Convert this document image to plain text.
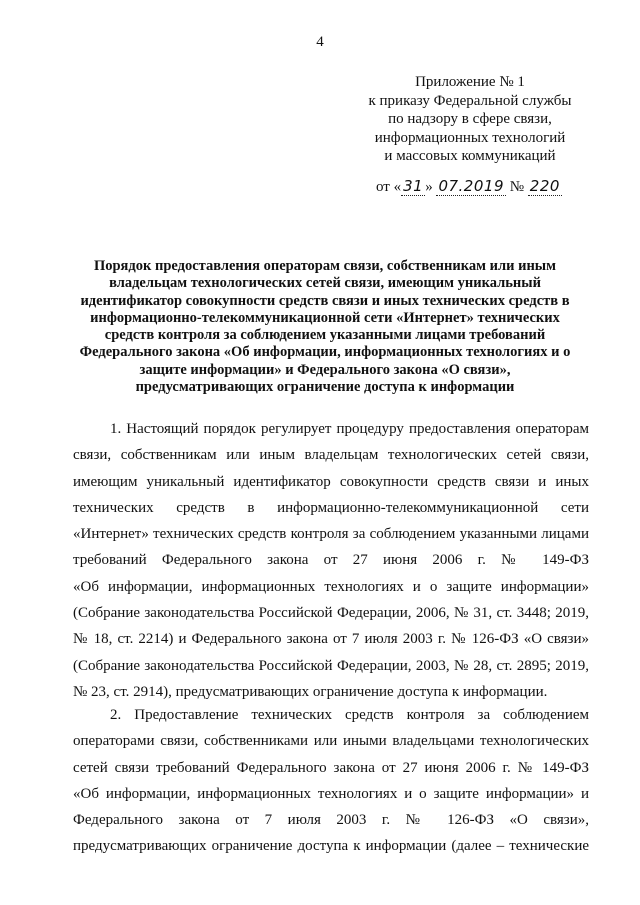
4
Приложение № 1
к приказу Федеральной службы
по надзору в сфере связи,
информационных технологий
и массовых коммуникаций
от « 31 » 07.2019 № 220
Порядок предоставления операторам связи, собственникам или иным
владельцам технологических сетей связи, имеющим уникальный
идентификатор совокупности средств связи и иных технических средств в
информационно-телекоммуникационной сети «Интернет» технических
средств контроля за соблюдением указанными лицами требований
Федерального закона «Об информации, информационных технологиях и о
защите информации» и Федерального закона «О связи»,
предусматривающих ограничение доступа к информации
1. Настоящий порядок регулирует процедуру предоставления операторам
связи, собственникам или иным владельцам технологических сетей связи,
имеющим уникальный идентификатор совокупности средств связи и иных
технических средств в информационно-телекоммуникационной сети
«Интернет» технических средств контроля за соблюдением указанными лицами
требований Федерального закона от 27 июня 2006 г. № 149-ФЗ
«Об информации, информационных технологиях и о защите информации»
(Собрание законодательства Российской Федерации, 2006, № 31, ст. 3448; 2019,
№ 18, ст. 2214) и Федерального закона от 7 июля 2003 г. № 126-ФЗ «О связи»
(Собрание законодательства Российской Федерации, 2003, № 28, ст. 2895; 2019,
№ 23, ст. 2914), предусматривающих ограничение доступа к информации.
2. Предоставление технических средств контроля за соблюдением
операторами связи, собственниками или иными владельцами технологических
сетей связи требований Федерального закона от 27 июня 2006 г. № 149-ФЗ
«Об информации, информационных технологиях и о защите информации» и
Федерального закона от 7 июля 2003 г. № 126-ФЗ «О связи»,
предусматривающих ограничение доступа к информации (далее – технические
